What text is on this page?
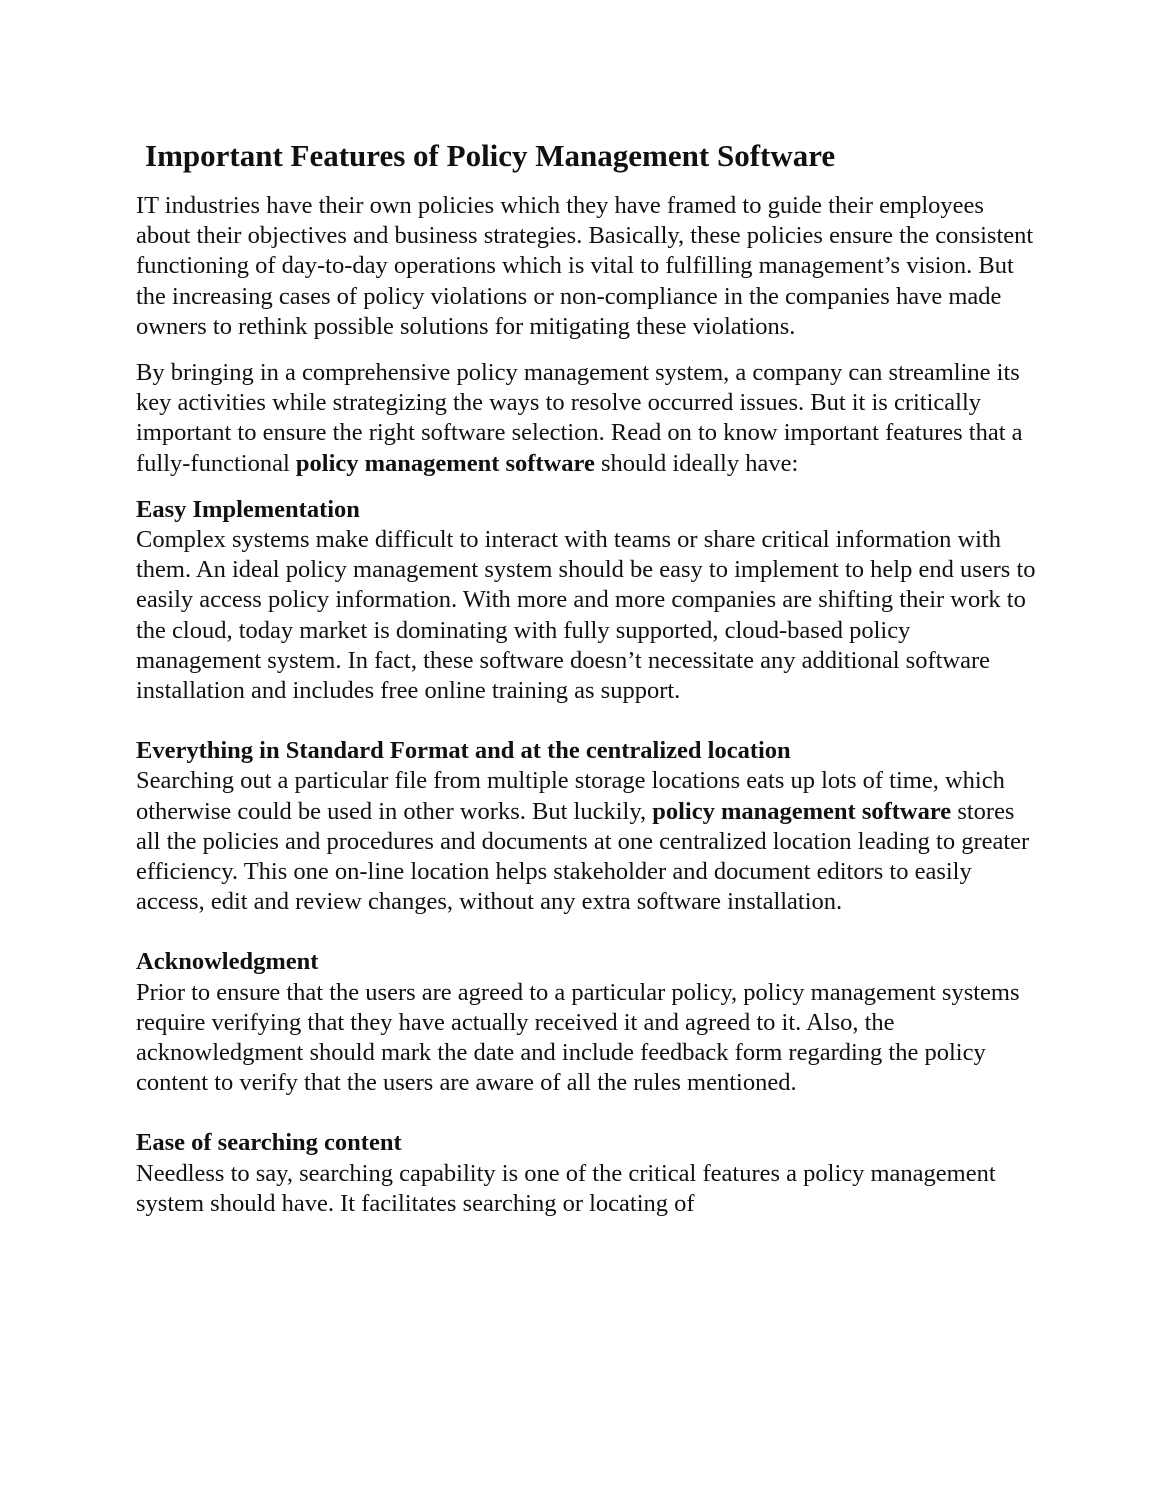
Important Features of Policy Management Software

IT industries have their own policies which they have framed to guide their employees about their objectives and business strategies. Basically, these policies ensure the consistent functioning of day-to-day operations which is vital to fulfilling management’s vision. But the increasing cases of policy violations or non-compliance in the companies have made owners to rethink possible solutions for mitigating these violations.

By bringing in a comprehensive policy management system, a company can streamline its key activities while strategizing the ways to resolve occurred issues. But it is critically important to ensure the right software selection. Read on to know important features that a fully-functional policy management software should ideally have:

Easy Implementation

Complex systems make difficult to interact with teams or share critical information with them. An ideal policy management system should be easy to implement to help end users to easily access policy information. With more and more companies are shifting their work to the cloud, today market is dominating with fully supported, cloud-based policy management system. In fact, these software doesn’t necessitate any additional software installation and includes free online training as support.

Everything in Standard Format and at the centralized location

Searching out a particular file from multiple storage locations eats up lots of time, which otherwise could be used in other works. But luckily, policy management software stores all the policies and procedures and documents at one centralized location leading to greater efficiency. This one on-line location helps stakeholder and document editors to easily access, edit and review changes, without any extra software installation.

Acknowledgment

Prior to ensure that the users are agreed to a particular policy, policy management systems require verifying that they have actually received it and agreed to it. Also, the acknowledgment should mark the date and include feedback form regarding the policy content to verify that the users are aware of all the rules mentioned.

Ease of searching content

Needless to say, searching capability is one of the critical features a policy management system should have. It facilitates searching or locating of
